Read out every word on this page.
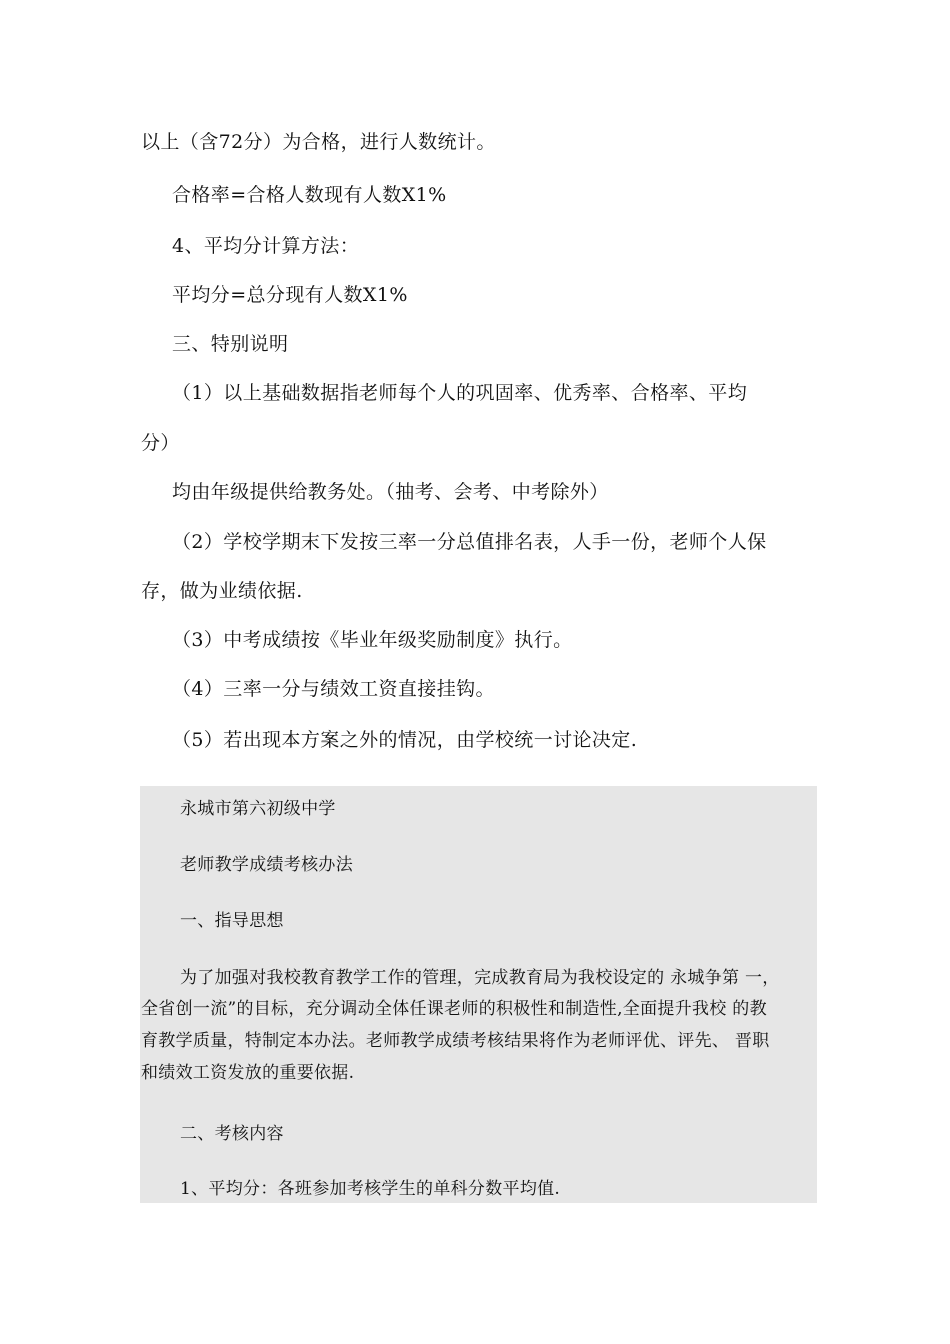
以上（含72分）为合格，进行人数统计。

合格率=合格人数现有人数X1%

4、平均分计算方法：

平均分=总分现有人数X1%

三、特别说明

（1）以上基础数据指老师每个人的巩固率、优秀率、合格率、平均

分）

均由年级提供给教务处。（抽考、会考、中考除外）

（2）学校学期末下发按三率一分总值排名表，人手一份，老师个人保

存，做为业绩依据.

（3）中考成绩按《毕业年级奖励制度》执行。

（4）三率一分与绩效工资直接挂钩。

（5）若出现本方案之外的情况，由学校统一讨论决定.

永城市第六初级中学

老师教学成绩考核办法

一、指导思想

为了加强对我校教育教学工作的管理，完成教育局为我校设定的 永城争第 一，

全省创一流”的目标，充分调动全体任课老师的积极性和制造性,全面提升我校 的教

育教学质量，特制定本办法。老师教学成绩考核结果将作为老师评优、评先、 晋职

和绩效工资发放的重要依据.

二、考核内容

1、平均分：各班参加考核学生的单科分数平均值.
